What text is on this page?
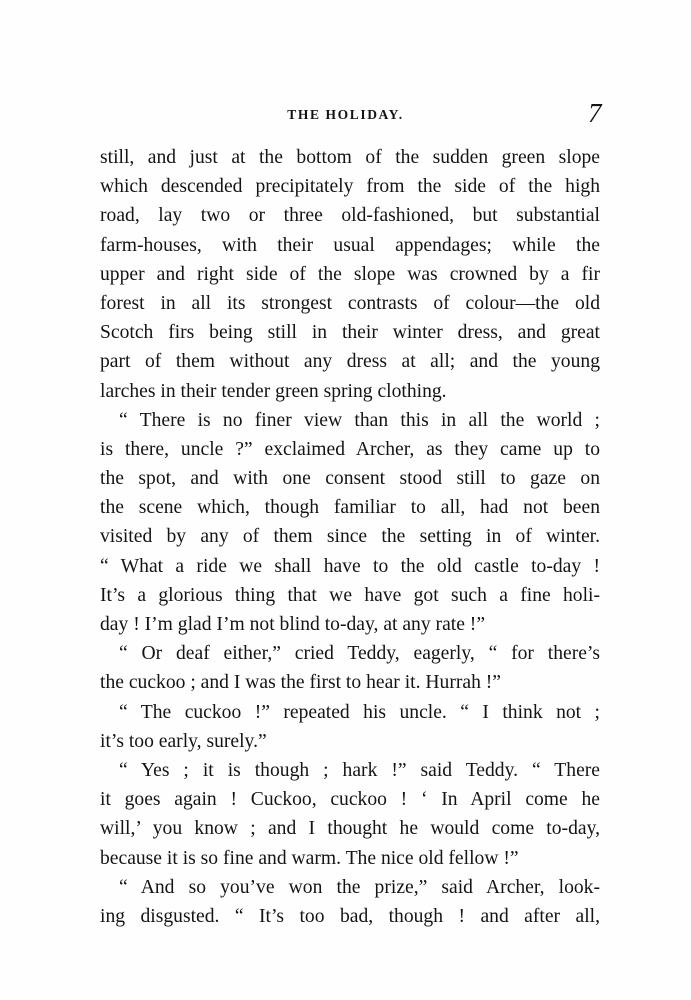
THE HOLIDAY.	7
still, and just at the bottom of the sudden green slope
which descended precipitately from the side of the high
road, lay two or three old-fashioned, but substantial
farm-houses, with their usual appendages; while the
upper and right side of the slope was crowned by a fir
forest in all its strongest contrasts of colour—the old
Scotch firs being still in their winter dress, and great
part of them without any dress at all; and the young
larches in their tender green spring clothing.
“ There is no finer view than this in all the world ;
is there, uncle ?” exclaimed Archer, as they came up to
the spot, and with one consent stood still to gaze on
the scene which, though familiar to all, had not been
visited by any of them since the setting in of winter.
“ What a ride we shall have to the old castle to-day !
It’s a glorious thing that we have got such a fine holi-
day ! I’m glad I’m not blind to-day, at any rate !”
“ Or deaf either,” cried Teddy, eagerly, “ for there’s
the cuckoo ; and I was the first to hear it. Hurrah !”
“ The cuckoo !” repeated his uncle. “ I think not ;
it’s too early, surely.”
“ Yes ; it is though ; hark !” said Teddy. “ There
it goes again ! Cuckoo, cuckoo ! ‘ In April come he
will,’ you know ; and I thought he would come to-day,
because it is so fine and warm. The nice old fellow !”
“ And so you’ve won the prize,” said Archer, look-
ing disgusted. “ It’s too bad, though ! and after all,
